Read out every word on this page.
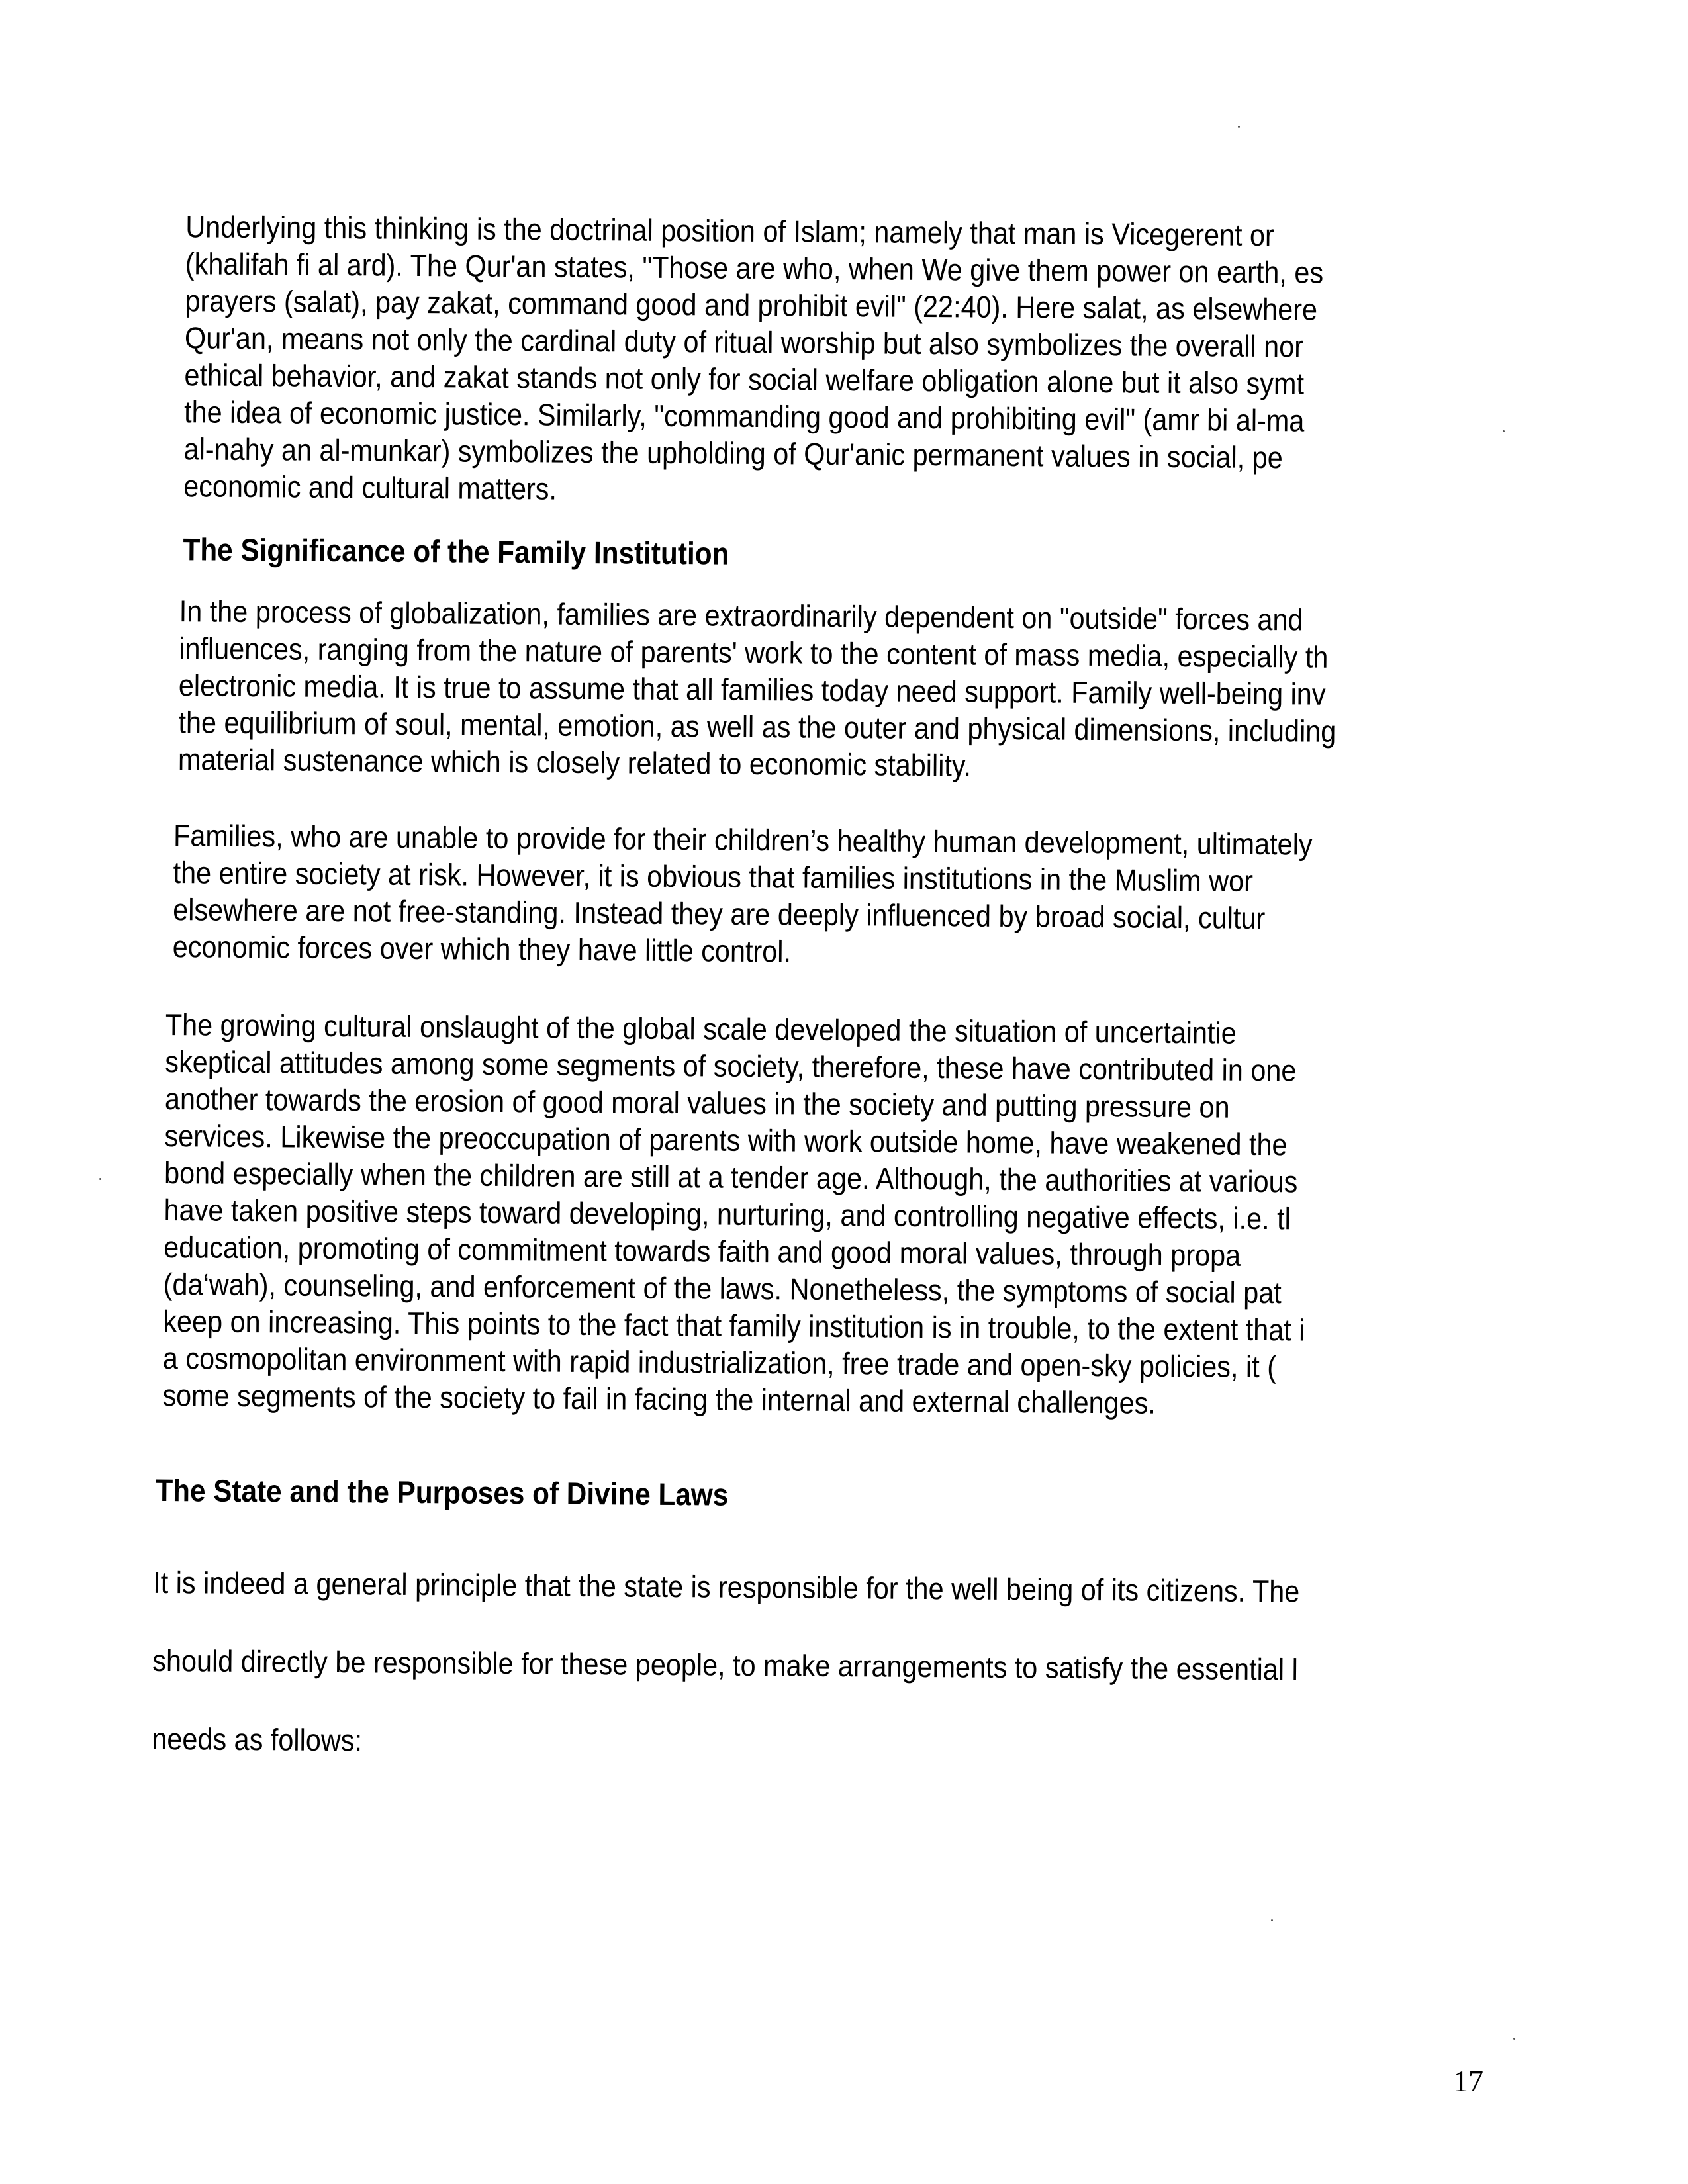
Underlying this thinking is the doctrinal position of Islam; namely that man is Vicegerent or
(khalifah fi al ard). The Qur'an states, "Those are who, when We give them power on earth, es
prayers (salat), pay zakat, command good and prohibit evil" (22:40). Here salat, as elsewhere
Qur'an, means not only the cardinal duty of ritual worship but also symbolizes the overall nor
ethical behavior, and zakat stands not only for social welfare obligation alone but it also symt
the idea of economic justice. Similarly, "commanding good and prohibiting evil" (amr bi al-ma
al-nahy an al-munkar) symbolizes the upholding of Qur'anic permanent values in social, pe
economic and cultural matters.
The Significance of the Family Institution
In the process of globalization, families are extraordinarily dependent on "outside" forces and
influences, ranging from the nature of parents' work to the content of mass media, especially th
electronic media. It is true to assume that all families today need support. Family well-being inv
the equilibrium of soul, mental, emotion, as well as the outer and physical dimensions, including
material sustenance which is closely related to economic stability.
Families, who are unable to provide for their children’s healthy human development, ultimately
the entire society at risk. However, it is obvious that families institutions in the Muslim wor
elsewhere are not free-standing. Instead they are deeply influenced by broad social, cultur
economic forces over which they have little control.
The growing cultural onslaught of the global scale developed the situation of uncertaintie
skeptical attitudes among some segments of society, therefore, these have contributed in one
another towards the erosion of good moral values in the society and putting pressure on
services. Likewise the preoccupation of parents with work outside home, have weakened the
bond especially when the children are still at a tender age. Although, the authorities at various
have taken positive steps toward developing, nurturing, and controlling negative effects, i.e. tl
education, promoting of commitment towards faith and good moral values, through propa
(da‘wah), counseling, and enforcement of the laws. Nonetheless, the symptoms of social pat
keep on increasing. This points to the fact that family institution is in trouble, to the extent that i
a cosmopolitan environment with rapid industrialization, free trade and open-sky policies, it (
some segments of the society to fail in facing the internal and external challenges.
The State and the Purposes of Divine Laws
It is indeed a general principle that the state is responsible for the well being of its citizens. The
should directly be responsible for these people, to make arrangements to satisfy the essential l
needs as follows:
17
